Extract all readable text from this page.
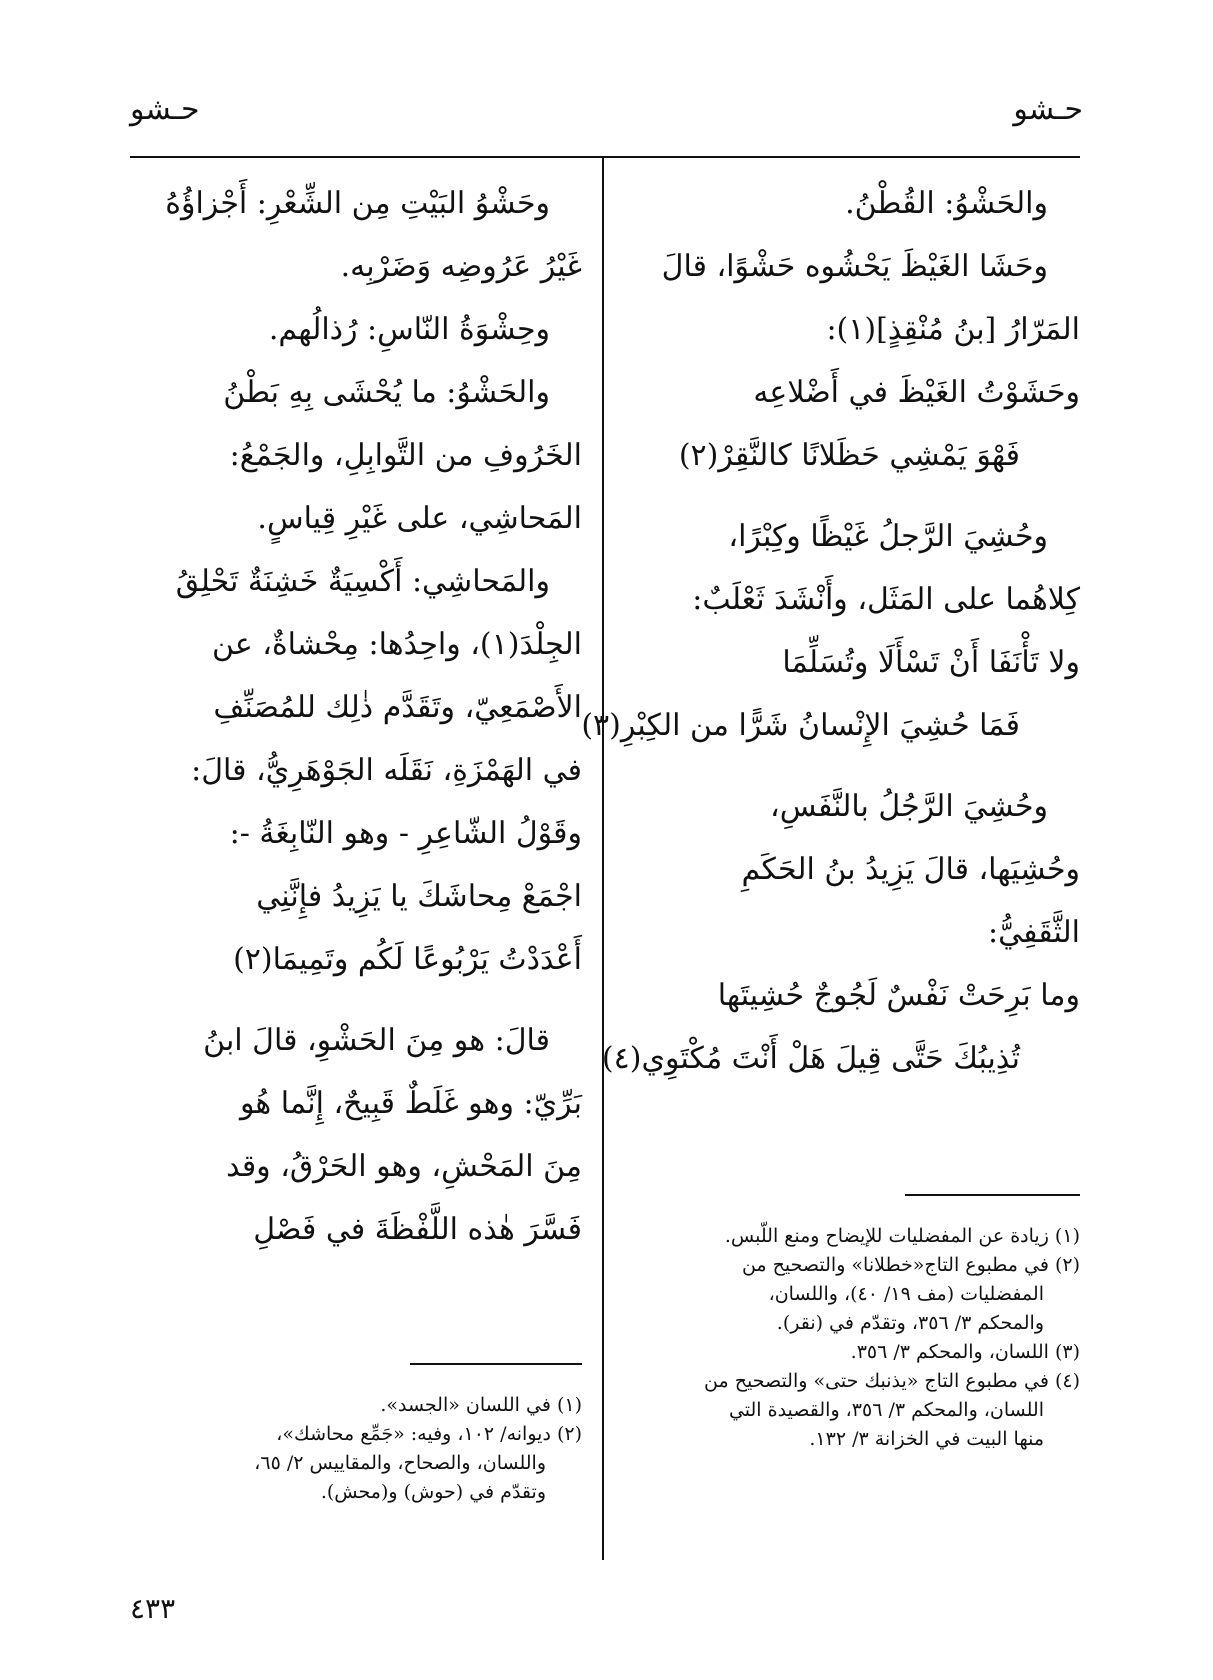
حـشو
حـشو
والحَشْوُ: القُطْنُ.
وحَشَا الغَيْظَ يَحْشُوه حَشْوًا، قالَ
المَرّارُ [بنُ مُنْقِذٍ](١):
وحَشَوْتُ الغَيْظَ في أَضْلاعِه
فَهْوَ يَمْشِي حَظَلانًا كالنَّقِرْ(٢)
وحُشِيَ الرَّجلُ غَيْظًا وكِبْرًا،
كِلاهُما على المَثَل، وأَنْشَدَ ثَعْلَبٌ:
ولا تَأْنَفَا أَنْ تَسْأَلَا وتُسَلِّمَا
فَمَا حُشِيَ الإِنْسانُ شَرًّا من الكِبْرِ(٣)
وحُشِيَ الرَّجُلُ بالنَّفَسِ،
وحُشِيَها، قالَ يَزِيدُ بنُ الحَكَمِ
الثَّقَفِيُّ:
وما بَرِحَتْ نَفْسٌ لَجُوجٌ حُشِيتَها
تُذِيبُكَ حَتَّى قِيلَ هَلْ أَنْتَ مُكْتَوِي(٤)
(١) زيادة عن المفضليات للإيضاح ومنع اللّبس.
(٢) في مطبوع التاج«خطلانا» والتصحيح من
المفضليات (مف ١٩/ ٤٠)، واللسان،
والمحكم ٣/ ٣٥٦، وتقدّم في (نقر).
(٣) اللسان، والمحكم ٣/ ٣٥٦.
(٤) في مطبوع التاج «يذنبك حتى» والتصحيح من
اللسان، والمحكم ٣/ ٣٥٦، والقصيدة التي
منها البيت في الخزانة ٣/ ١٣٢.
وحَشْوُ البَيْتِ مِن الشِّعْرِ: أَجْزاؤُهُ
غَيْرُ عَرُوضِه وَضَرْبِه.
وحِشْوَةُ النّاسِ: رُذالُهم.
والحَشْوُ: ما يُحْشَى بِهِ بَطْنُ
الخَرُوفِ من التَّوابِلِ، والجَمْعُ:
المَحاشِي، على غَيْرِ قِياسٍ.
والمَحاشِي: أَكْسِيَةٌ خَشِنَةٌ تَحْلِقُ
الجِلْدَ(١)، واحِدُها: مِحْشاةٌ، عن
الأَصْمَعِيّ، وتَقَدَّم ذٰلِك للمُصَنِّفِ
في الهَمْزَةِ، نَقَلَه الجَوْهَرِيُّ، قالَ:
وقَوْلُ الشّاعِرِ - وهو النّابِغَةُ -:
اجْمَعْ مِحاشَكَ يا يَزِيدُ فإِنَّنِي
أَعْدَدْتُ يَرْبُوعًا لَكُم وتَمِيمَا(٢)
قالَ: هو مِنَ الحَشْوِ، قالَ ابنُ
بَرِّيّ: وهو غَلَطٌ قَبِيحٌ، إِنَّما هُو
مِنَ المَحْشِ، وهو الحَرْقُ، وقد
فَسَّرَ هٰذه اللَّفْظَةَ في فَصْلِ
(١) في اللسان «الجسد».
(٢) ديوانه/ ١٠٢، وفيه: «جَمِّع محاشك»،
واللسان، والصحاح، والمقاييس ٢/ ٦٥،
وتقدّم في (حوش) و(محش).
٤٣٣
